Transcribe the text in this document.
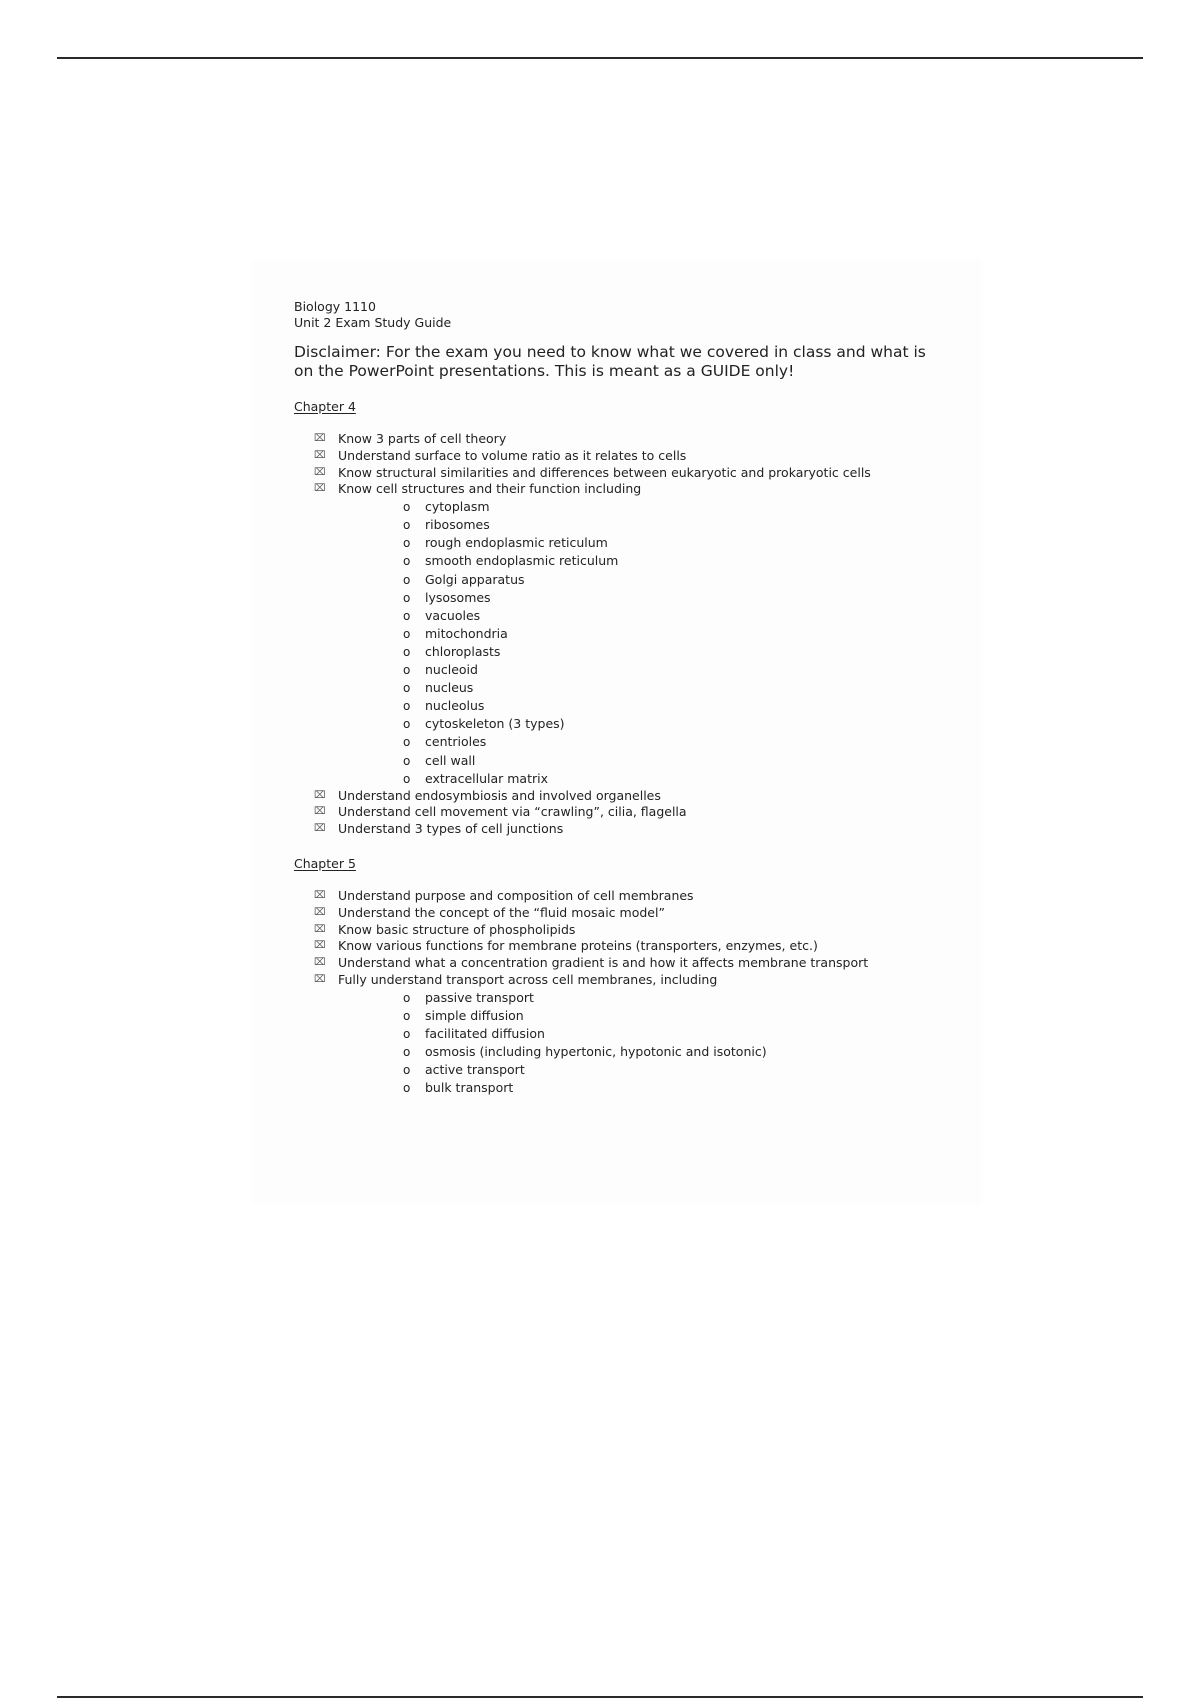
Biology 1110

Unit 2 Exam Study Guide

Disclaimer: For the exam you need to know what we covered in class and what is on the PowerPoint presentations. This is meant as a GUIDE only!

Chapter 4

⌧ Know 3 parts of cell theory
⌧ Understand surface to volume ratio as it relates to cells
⌧ Know structural similarities and differences between eukaryotic and prokaryotic cells
⌧ Know cell structures and their function including
o cytoplasm
o ribosomes
o rough endoplasmic reticulum
o smooth endoplasmic reticulum
o Golgi apparatus
o lysosomes
o vacuoles
o mitochondria
o chloroplasts
o nucleoid
o nucleus
o nucleolus
o cytoskeleton (3 types)
o centrioles
o cell wall
o extracellular matrix
⌧ Understand endosymbiosis and involved organelles
⌧ Understand cell movement via “crawling”, cilia, flagella
⌧ Understand 3 types of cell junctions

Chapter 5

⌧ Understand purpose and composition of cell membranes
⌧ Understand the concept of the “fluid mosaic model”
⌧ Know basic structure of phospholipids
⌧ Know various functions for membrane proteins (transporters, enzymes, etc.)
⌧ Understand what a concentration gradient is and how it affects membrane transport
⌧ Fully understand transport across cell membranes, including
o passive transport
o simple diffusion
o facilitated diffusion
o osmosis (including hypertonic, hypotonic and isotonic)
o active transport
o bulk transport
